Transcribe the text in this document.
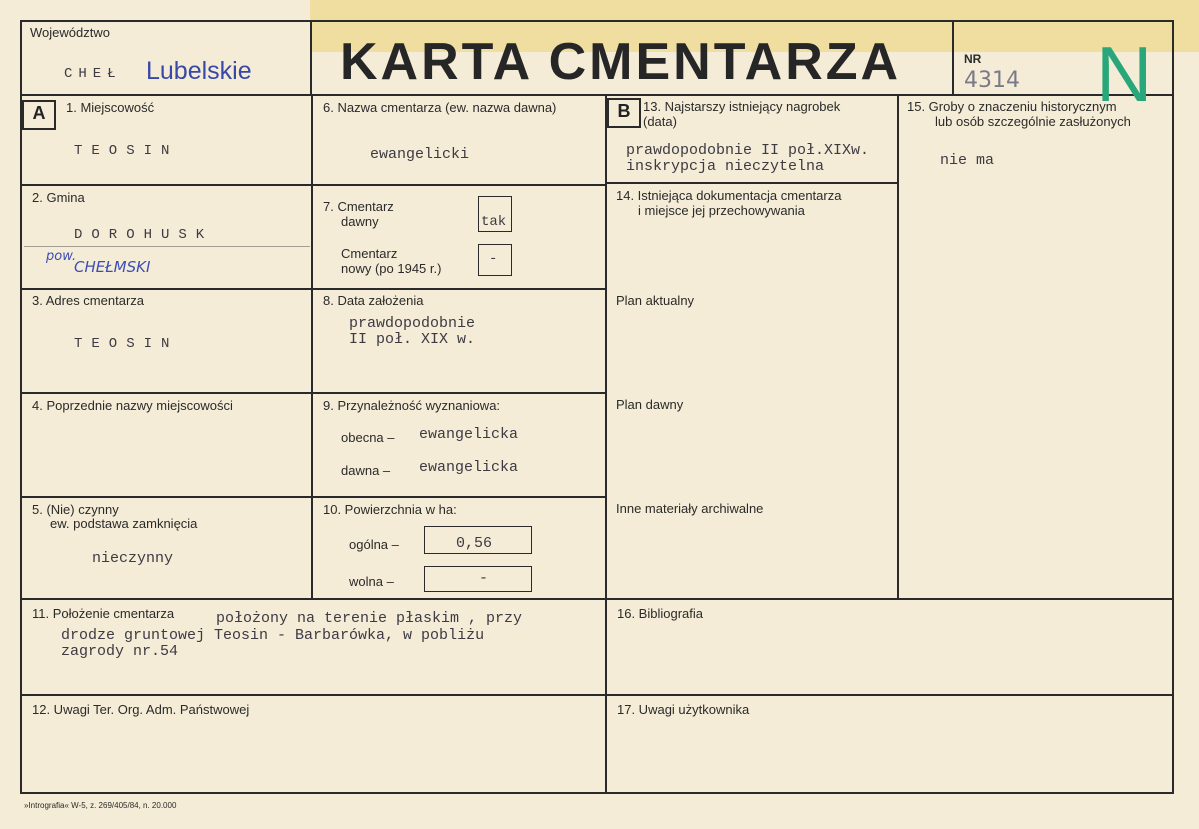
Województwo
CHEŁ Lubelskie KARTA CMENTARZA	NR
4314 N
A	B
1. Miejscowość
TEOSIN
2. Gmina
DOROHUSK
pow.
CHEŁMSKI
3. Adres cmentarza
TEOSIN
4. Poprzednie nazwy miejscowości
5. (Nie) czynny
ew. podstawa zamknięcia
nieczynny
6. Nazwa cmentarza (ew. nazwa dawna)
ewangelicki
7. Cmentarz
dawny	tak
Cmentarz
nowy (po 1945 r.)
-
8. Data założenia
prawdopodobnie
II poł. XIX w.
9. Przynależność wyznaniowa:
obecna – ewangelicka
dawna – ewangelicka
10. Powierzchnia w ha:
ogólna –	0,56
wolna –	-
11. Położenie cmentarza	położony na terenie płaskim , przy
drodze gruntowej Teosin - Barbarówka, w pobliżu
zagrody nr.54
12. Uwagi Ter. Org. Adm. Państwowej
13. Najstarszy istniejący nagrobek
(data)
prawdopodobnie II poł.XIXw.
inskrypcja nieczytelna
14. Istniejąca dokumentacja cmentarza
i miejsce jej przechowywania
Plan aktualny
Plan dawny
Inne materiały archiwalne
15. Groby o znaczeniu historycznym
lub osób szczególnie zasłużonych
nie ma
16. Bibliografia
17. Uwagi użytkownika
»Intrografia« W-5, z. 269/405/84, n. 20.000
